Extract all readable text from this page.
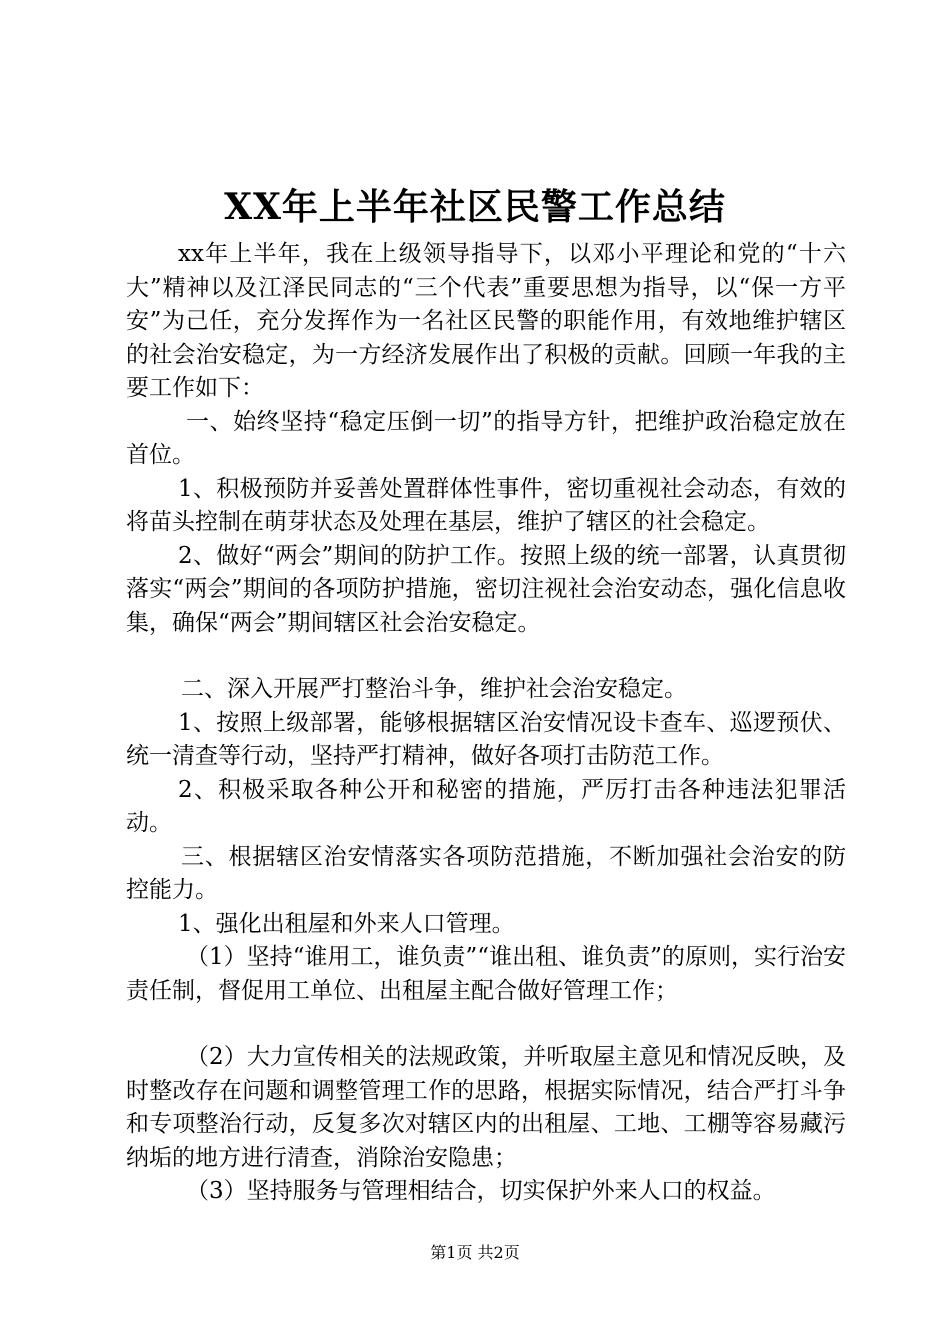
XX年上半年社区民警工作总结

xx年上半年，我在上级领导指导下，以邓小平理论和党的“十六大”精神以及江泽民同志的“三个代表”重要思想为指导，以“保一方平安”为己任，充分发挥作为一名社区民警的职能作用，有效地维护辖区的社会治安稳定，为一方经济发展作出了积极的贡献。回顾一年我的主要工作如下：

一、始终坚持“稳定压倒一切”的指导方针，把维护政治稳定放在首位。

1、积极预防并妥善处置群体性事件，密切重视社会动态，有效的将苗头控制在萌芽状态及处理在基层，维护了辖区的社会稳定。

2、做好“两会”期间的防护工作。按照上级的统一部署，认真贯彻落实“两会”期间的各项防护措施，密切注视社会治安动态，强化信息收集，确保“两会”期间辖区社会治安稳定。

二、深入开展严打整治斗争，维护社会治安稳定。

1、按照上级部署，能够根据辖区治安情况设卡查车、巡逻预伏、统一清查等行动，坚持严打精神，做好各项打击防范工作。

2、积极采取各种公开和秘密的措施，严厉打击各种违法犯罪活动。

三、根据辖区治安情落实各项防范措施，不断加强社会治安的防控能力。

1、强化出租屋和外来人口管理。

（1）坚持“谁用工，谁负责”“谁出租、谁负责”的原则，实行治安责任制，督促用工单位、出租屋主配合做好管理工作；

（2）大力宣传相关的法规政策，并听取屋主意见和情况反映，及时整改存在问题和调整管理工作的思路，根据实际情况，结合严打斗争和专项整治行动，反复多次对辖区内的出租屋、工地、工棚等容易藏污纳垢的地方进行清查，消除治安隐患；

（3）坚持服务与管理相结合，切实保护外来人口的权益。

第1页 共2页
